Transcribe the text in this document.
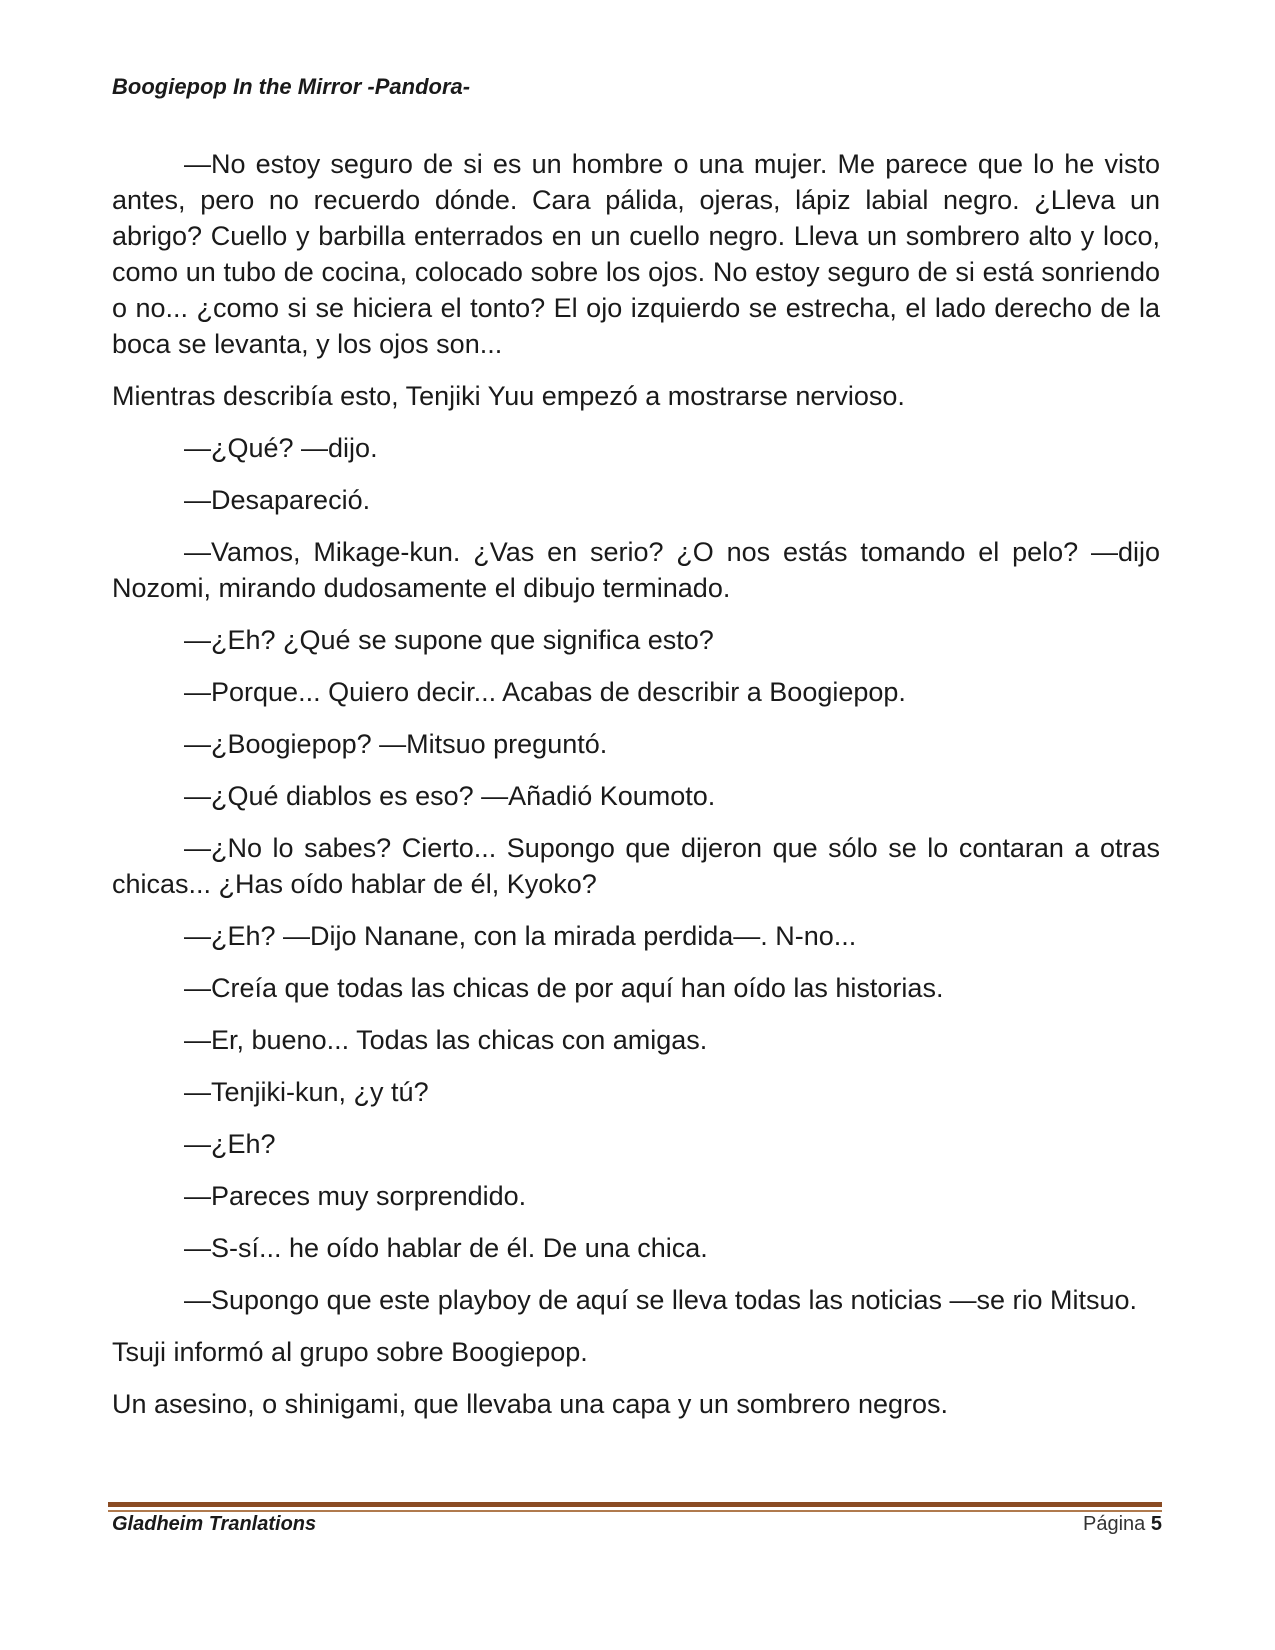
Boogiepop In the Mirror -Pandora-

—No estoy seguro de si es un hombre o una mujer. Me parece que lo he visto antes, pero no recuerdo dónde. Cara pálida, ojeras, lápiz labial negro. ¿Lleva un abrigo? Cuello y barbilla enterrados en un cuello negro. Lleva un sombrero alto y loco, como un tubo de cocina, colocado sobre los ojos. No estoy seguro de si está sonriendo o no... ¿como si se hiciera el tonto? El ojo izquierdo se estrecha, el lado derecho de la boca se levanta, y los ojos son...

Mientras describía esto, Tenjiki Yuu empezó a mostrarse nervioso.

—¿Qué? —dijo.

—Desapareció.

—Vamos, Mikage-kun. ¿Vas en serio? ¿O nos estás tomando el pelo? —dijo Nozomi, mirando dudosamente el dibujo terminado.

—¿Eh? ¿Qué se supone que significa esto?

—Porque... Quiero decir... Acabas de describir a Boogiepop.

—¿Boogiepop? —Mitsuo preguntó.

—¿Qué diablos es eso? —Añadió Koumoto.

—¿No lo sabes? Cierto... Supongo que dijeron que sólo se lo contaran a otras chicas... ¿Has oído hablar de él, Kyoko?

—¿Eh? —Dijo Nanane, con la mirada perdida—. N-no...

—Creía que todas las chicas de por aquí han oído las historias.

—Er, bueno... Todas las chicas con amigas.

—Tenjiki-kun, ¿y tú?

—¿Eh?

—Pareces muy sorprendido.

—S-sí... he oído hablar de él. De una chica.

—Supongo que este playboy de aquí se lleva todas las noticias —se rio Mitsuo.

Tsuji informó al grupo sobre Boogiepop.

Un asesino, o shinigami, que llevaba una capa y un sombrero negros.

Gladheim Tranlations	Página 5
